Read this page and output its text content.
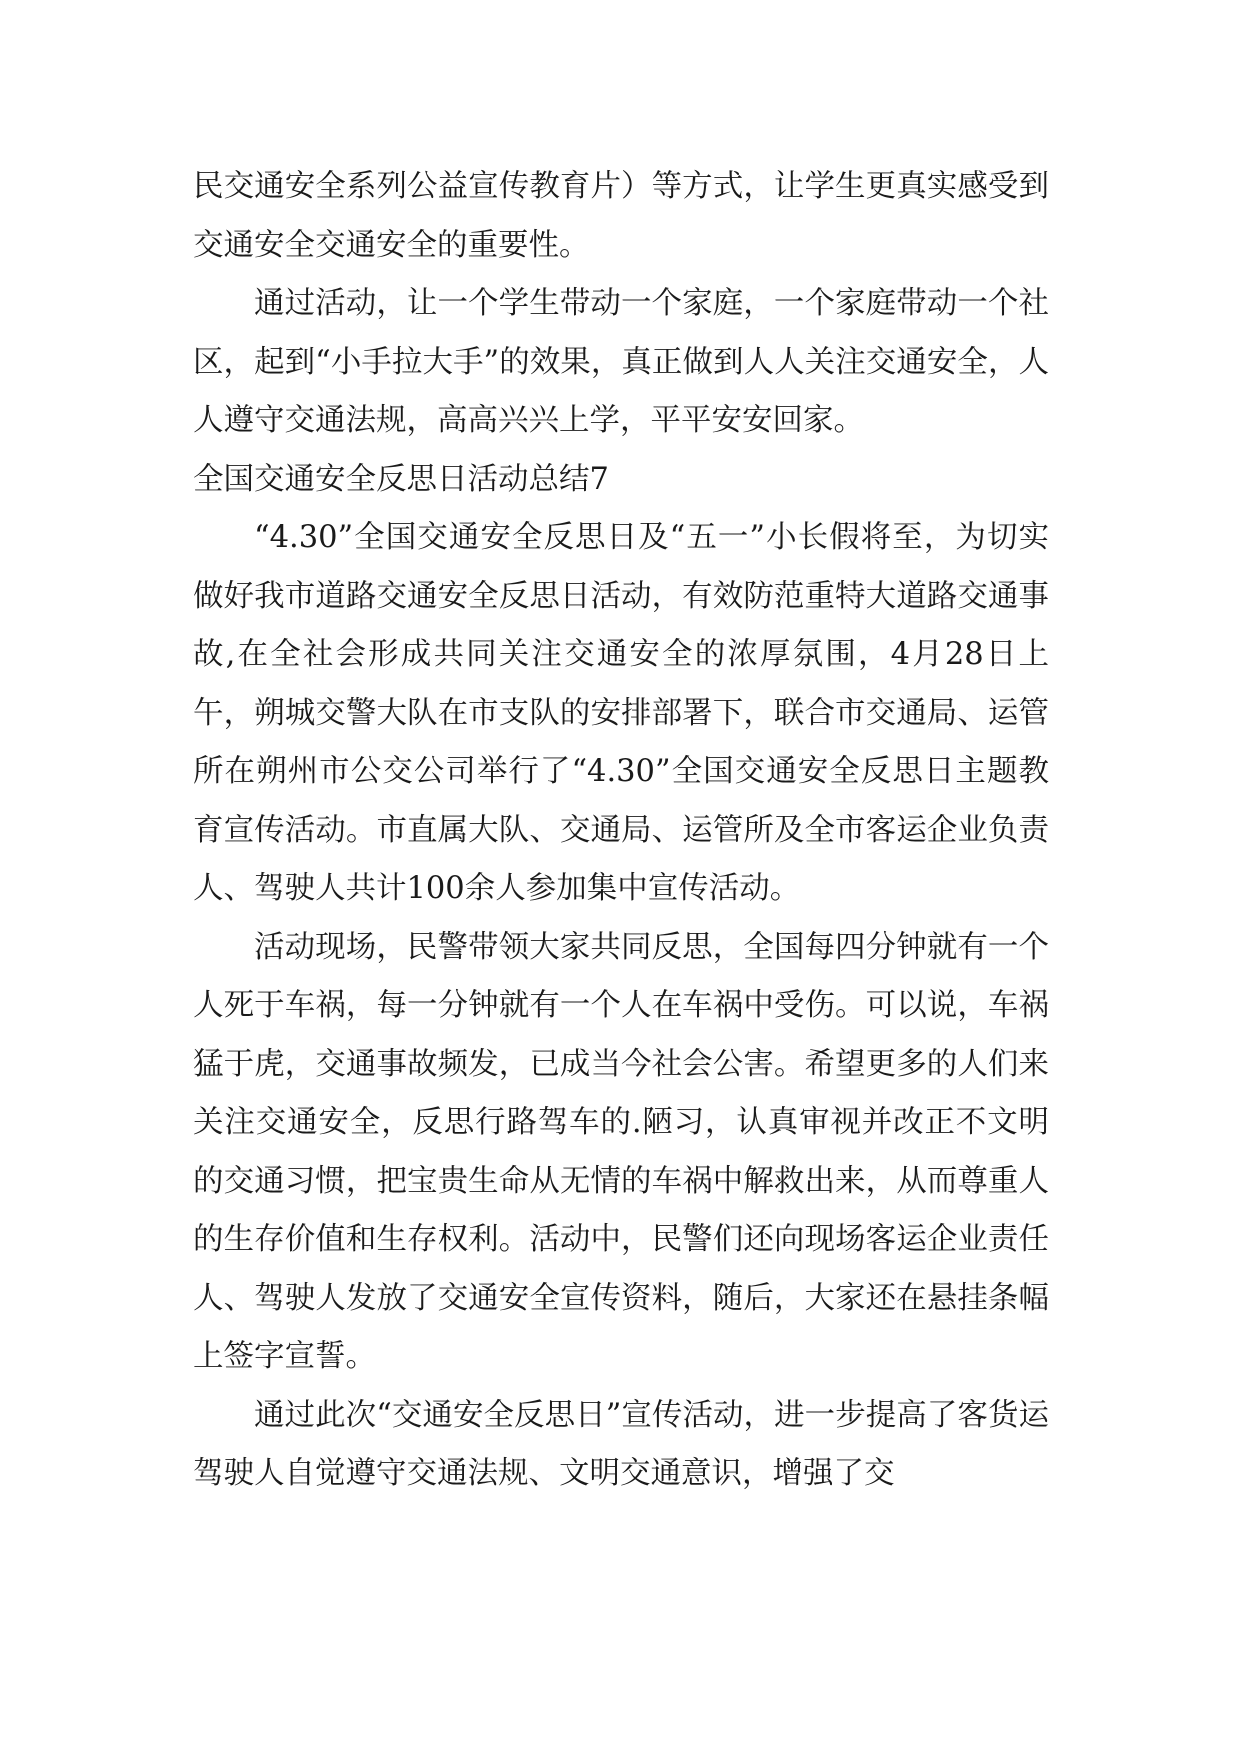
民交通安全系列公益宣传教育片）等方式，让学生更真实感受到交通安全交通安全的重要性。

通过活动，让一个学生带动一个家庭，一个家庭带动一个社区，起到“小手拉大手”的效果，真正做到人人关注交通安全，人人遵守交通法规，高高兴兴上学，平平安安回家。

全国交通安全反思日活动总结7

“4.30”全国交通安全反思日及“五一”小长假将至，为切实做好我市道路交通安全反思日活动，有效防范重特大道路交通事故,在全社会形成共同关注交通安全的浓厚氛围，4月28日上午，朔城交警大队在市支队的安排部署下，联合市交通局、运管所在朔州市公交公司举行了“4.30”全国交通安全反思日主题教育宣传活动。市直属大队、交通局、运管所及全市客运企业负责人、驾驶人共计100余人参加集中宣传活动。

活动现场，民警带领大家共同反思，全国每四分钟就有一个人死于车祸，每一分钟就有一个人在车祸中受伤。可以说，车祸猛于虎，交通事故频发，已成当今社会公害。希望更多的人们来关注交通安全，反思行路驾车的.陋习，认真审视并改正不文明的交通习惯，把宝贵生命从无情的车祸中解救出来，从而尊重人的生存价值和生存权利。活动中，民警们还向现场客运企业责任人、驾驶人发放了交通安全宣传资料，随后，大家还在悬挂条幅上签字宣誓。

通过此次“交通安全反思日”宣传活动，进一步提高了客货运驾驶人自觉遵守交通法规、文明交通意识，增强了交
